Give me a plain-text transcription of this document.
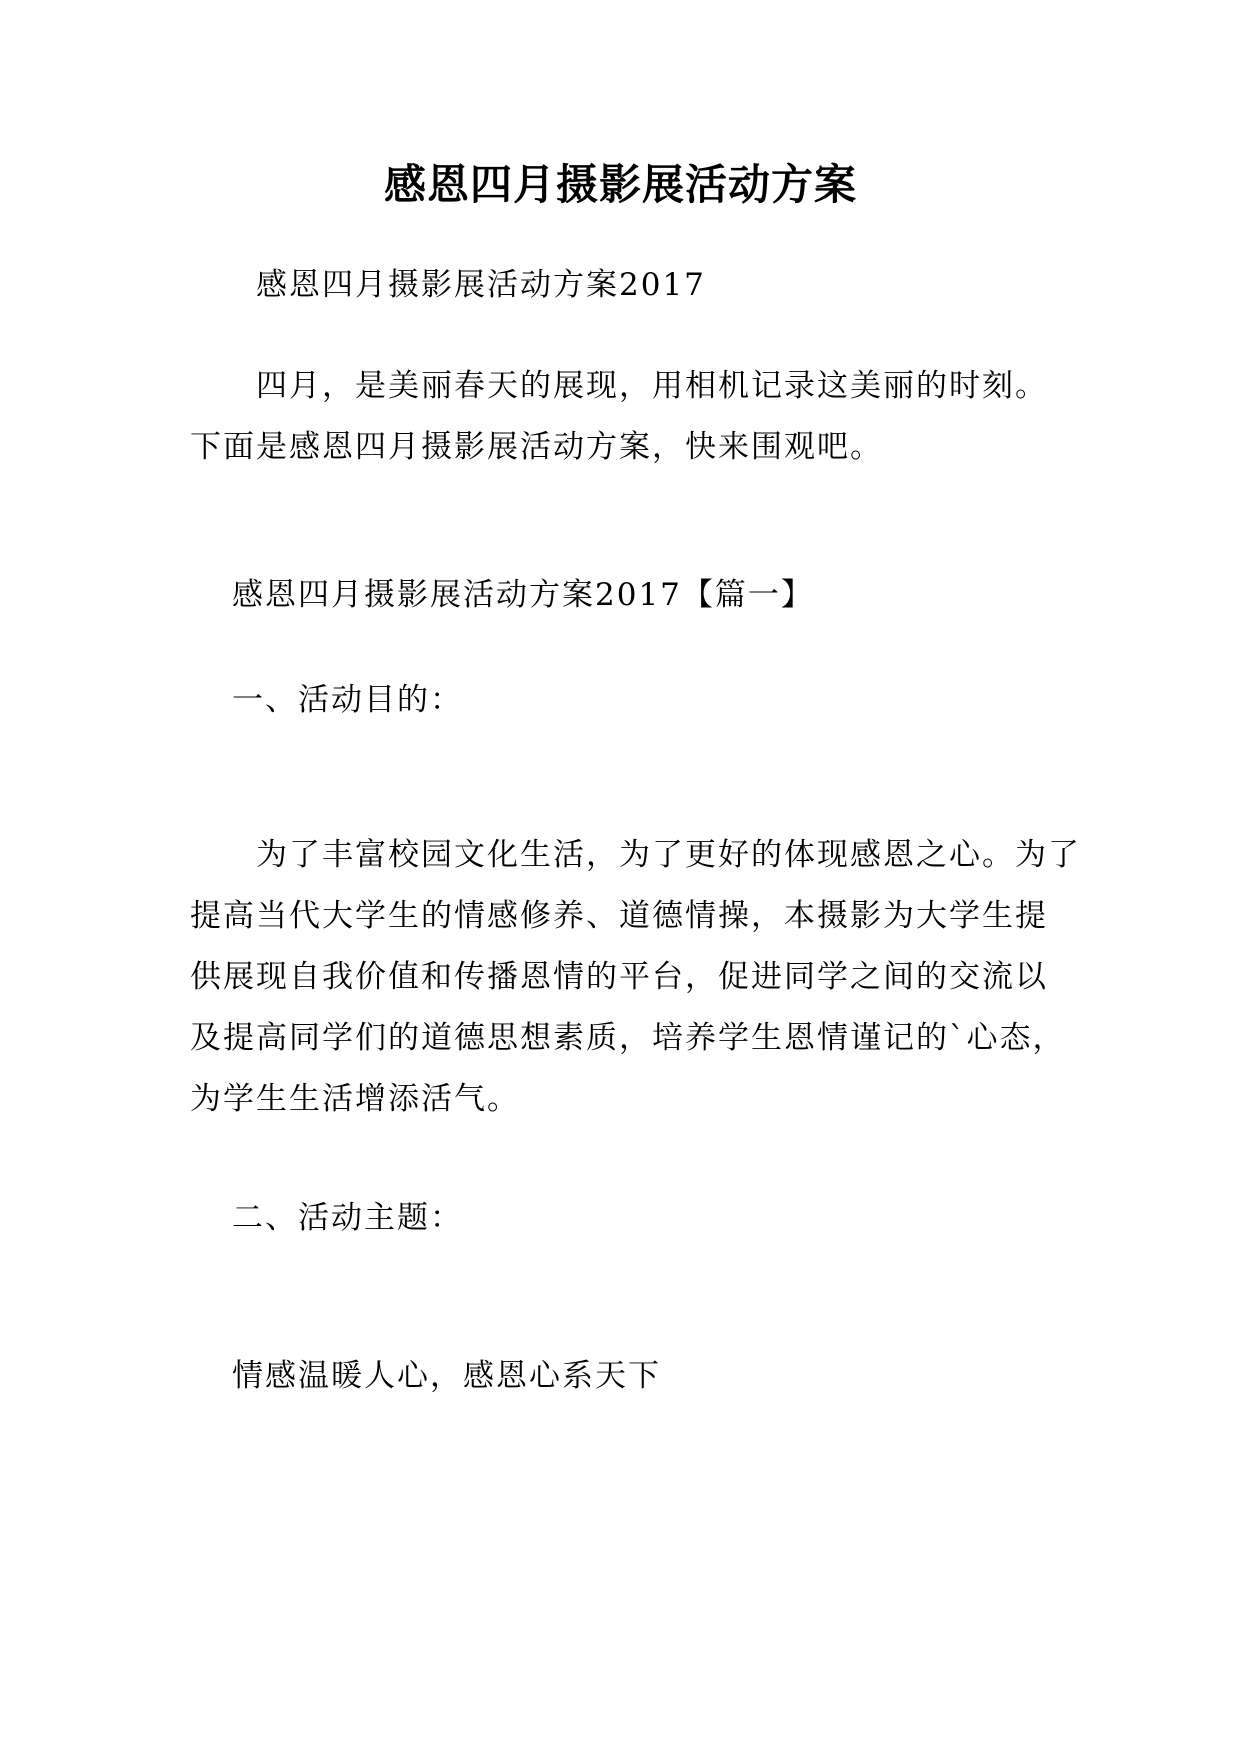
感恩四月摄影展活动方案
感恩四月摄影展活动方案2017
　　四月，是美丽春天的展现，用相机记录这美丽的时刻。
下面是感恩四月摄影展活动方案，快来围观吧。
感恩四月摄影展活动方案2017【篇一】
一、活动目的：
　　为了丰富校园文化生活，为了更好的体现感恩之心。为了
提高当代大学生的情感修养、道德情操，本摄影为大学生提
供展现自我价值和传播恩情的平台，促进同学之间的交流以
及提高同学们的道德思想素质，培养学生恩情谨记的`心态，
为学生生活增添活气。
二、活动主题：
情感温暖人心，感恩心系天下
